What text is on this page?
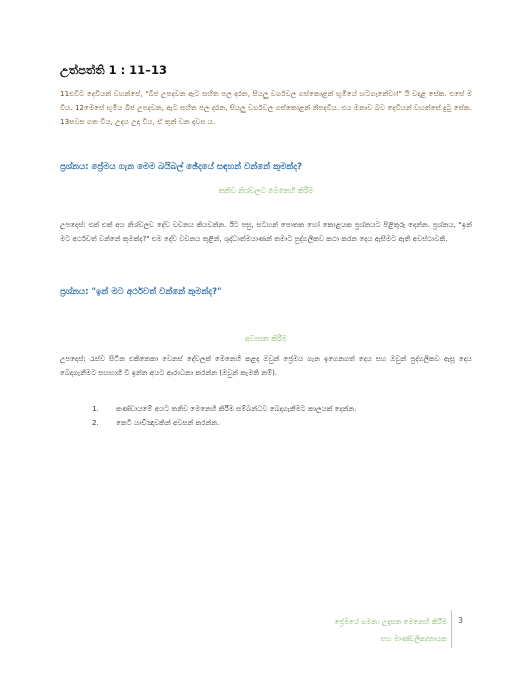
උත්පත්ති 1 : 11–13
11එවිට දෙවියන් වහන්සේ, "බීජ උපදවන ඇට සහිත පල දරන, සියලු වර්ගවල ගස්කොළන් භූමියේ හටගැනේවා!" යි වදාළ සේක. එසේ ම විය. 12මෙසේ භූමිය බීජ උපදවන, ඇට සහිත පල දරන, සියලු වර්ගවල ගස්කොළන් නිපදවිය. එය මනාව බව දෙවියන් වහන්සේ දුටු සේක. 13සවස ගත විය, උදය උදා විය, ඒ තුන් වන දවස ය.
ප්‍රශ්නය: ප්‍රේමය ගැන මෙම බයිබල් ඡේදයේ සඳහන් වන්නේ කුමක්ද?
තනිව නිශ්චලව මෙනෙහි කිරීම
උපදෙස්: එක් එක් අය නිශ්චලව දේව වචනය කියවන්න. ඊට පසු, සටහන් පොතක හෝ කොළයක ප්‍රශ්නයට පිළිතුරු දෙන්න. ප්‍රශ්නය, "ඉන් මට අර්ථවත් වන්නේ කුමක්ද?" එම දේව වචනය තුළින්, ශුද්ධාත්මයාණන් තමාට පුද්ගලිකව කථා කරන දෙය ඇසීමට ඇති අවස්ථාවකි.
ප්‍රශ්නය: "ඉන් මට අර්ථවත් වන්නේ කුමක්ද?"
අවසාන කිරීම
උපදෙස්: රැස්ව සිටින එකිනෙකා වෙනස් දේවලක් මෙනෙහි කළද ඔවුන් ප්‍රේමය ගැන ඉගෙනගත් දෙය සහ ඔවුන් පුද්ගලිකව ඇසූ දෙය බෙදාගැනීමට සහභාගී වී ඉන්න අයට ආරාධනා කරන්න (ඔවුන් කැමති නම්).
1.	කණ්ඩායමේ අයට තනිව මෙනෙහි කිරීම සම්බන්ධව බෙදාගැනීමට කාලයක් දෙන්න.
2.	කෙටි යාච්ඤාවකින් අවසන් කරන්න.
ප්‍රේමයේ ගමන: උදෑසන මෙනෙහි කිරීම
සහ මාණ්ඩලික/නායක
3
